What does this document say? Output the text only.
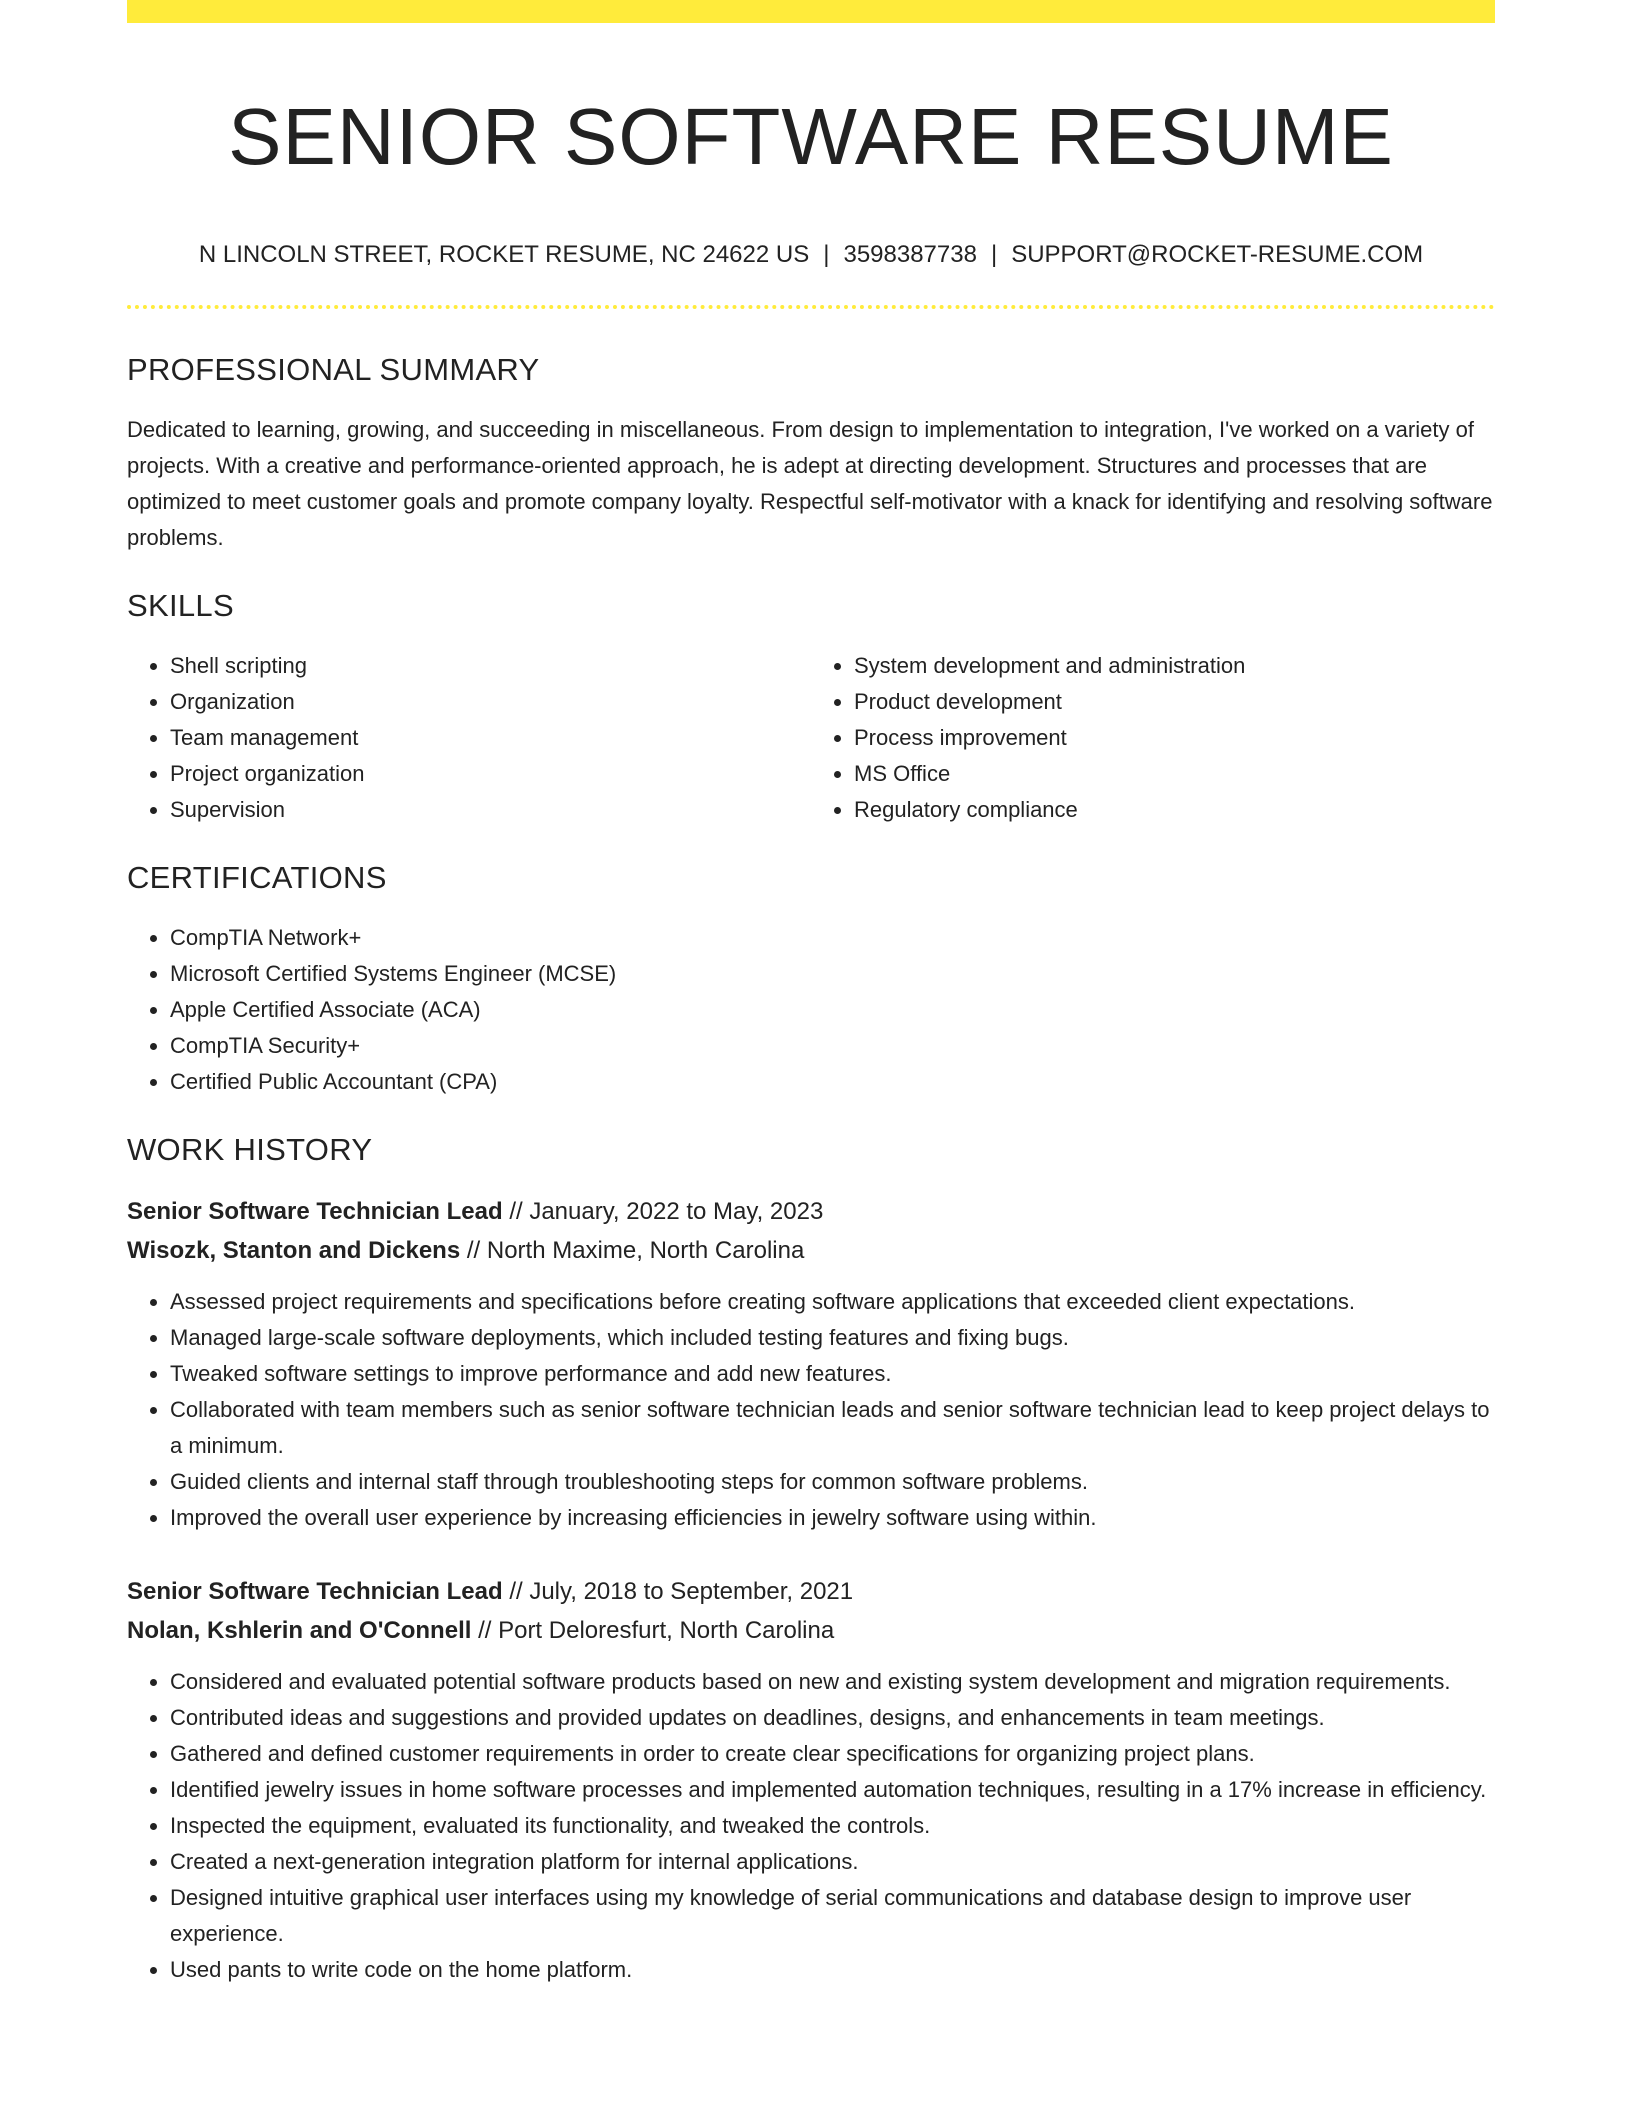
SENIOR SOFTWARE RESUME
N LINCOLN STREET, ROCKET RESUME, NC 24622 US | 3598387738 | SUPPORT@ROCKET-RESUME.COM
PROFESSIONAL SUMMARY

Dedicated to learning, growing, and succeeding in miscellaneous. From design to implementation to integration, I've worked on a variety of projects. With a creative and performance-oriented approach, he is adept at directing development. Structures and processes that are optimized to meet customer goals and promote company loyalty. Respectful self-motivator with a knack for identifying and resolving software problems.

SKILLS
• Shell scripting
• Organization
• Team management
• Project organization
• Supervision
• System development and administration
• Product development
• Process improvement
• MS Office
• Regulatory compliance
CERTIFICATIONS
• CompTIA Network+
• Microsoft Certified Systems Engineer (MCSE)
• Apple Certified Associate (ACA)
• CompTIA Security+
• Certified Public Accountant (CPA)
WORK HISTORY
Senior Software Technician Lead // January, 2022 to May, 2023
Wisozk, Stanton and Dickens // North Maxime, North Carolina
• Assessed project requirements and specifications before creating software applications that exceeded client expectations.
• Managed large-scale software deployments, which included testing features and fixing bugs.
• Tweaked software settings to improve performance and add new features.
• Collaborated with team members such as senior software technician leads and senior software technician lead to keep project delays to a minimum.
• Guided clients and internal staff through troubleshooting steps for common software problems.
• Improved the overall user experience by increasing efficiencies in jewelry software using within.
Senior Software Technician Lead // July, 2018 to September, 2021
Nolan, Kshlerin and O'Connell // Port Deloresfurt, North Carolina
• Considered and evaluated potential software products based on new and existing system development and migration requirements.
• Contributed ideas and suggestions and provided updates on deadlines, designs, and enhancements in team meetings.
• Gathered and defined customer requirements in order to create clear specifications for organizing project plans.
• Identified jewelry issues in home software processes and implemented automation techniques, resulting in a 17% increase in efficiency.
• Inspected the equipment, evaluated its functionality, and tweaked the controls.
• Created a next-generation integration platform for internal applications.
• Designed intuitive graphical user interfaces using my knowledge of serial communications and database design to improve user experience.
• Used pants to write code on the home platform.
